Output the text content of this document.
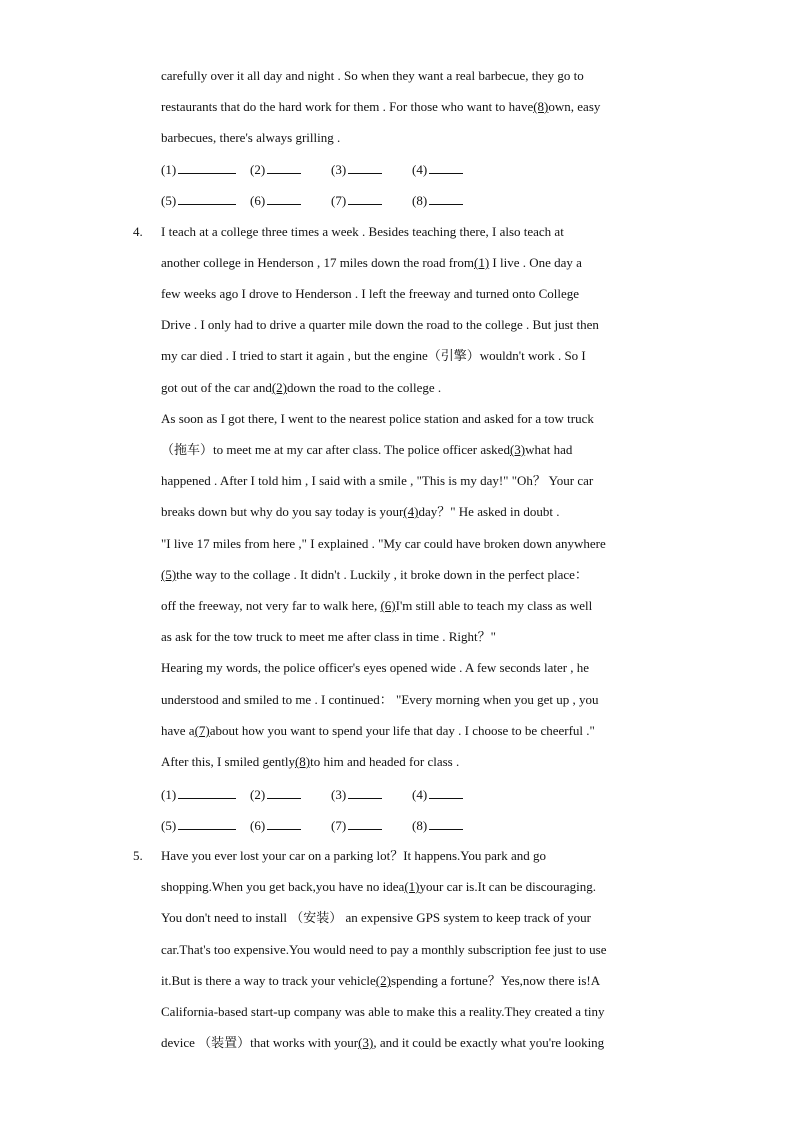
carefully over it all day and night . So when they want a real barbecue, they go to
restaurants that do the hard work for them . For those who want to have(8)own, easy
barbecues, there's always grilling .
(1)	(2)	(3)	(4)
(5)	(6)	(7)	(8)
4.	I teach at a college three times a week . Besides teaching there, I also teach at
another college in Henderson , 17 miles down the road from(1) I live . One day a
few weeks ago I drove to Henderson . I left the freeway and turned onto College
Drive . I only had to drive a quarter mile down the road to the college . But just then
my car died . I tried to start it again , but the engine（引擎）wouldn't work . So I
got out of the car and(2)down the road to the college .
As soon as I got there, I went to the nearest police station and asked for a tow truck
（拖车）to meet me at my car after class. The police officer asked(3)what had
happened . After I told him , I said with a smile , "This is my day!" "Oh？ Your car
breaks down but why do you say today is your(4)day？" He asked in doubt .
"I live 17 miles from here ," I explained . "My car could have broken down anywhere
(5)the way to the collage . It didn't . Luckily , it broke down in the perfect place：
off the freeway, not very far to walk here, (6)I'm still able to teach my class as well
as ask for the tow truck to meet me after class in time . Right？"
Hearing my words, the police officer's eyes opened wide . A few seconds later , he
understood and smiled to me . I continued： "Every morning when you get up , you
have a(7)about how you want to spend your life that day . I choose to be cheerful ."
After this, I smiled gently(8)to him and headed for class .
(1)	(2)	(3)	(4)
(5)	(6)	(7)	(8)
5.	Have you ever lost your car on a parking lot？It happens.You park and go
shopping.When you get back,you have no idea(1)your car is.It can be discouraging.
You don't need to install （安装） an expensive GPS system to keep track of your
car.That's too expensive.You would need to pay a monthly subscription fee just to use
it.But is there a way to track your vehicle(2)spending a fortune？Yes,now there is!A
California-based start-up company was able to make this a reality.They created a tiny
device （装置）that works with your(3), and it could be exactly what you're looking
